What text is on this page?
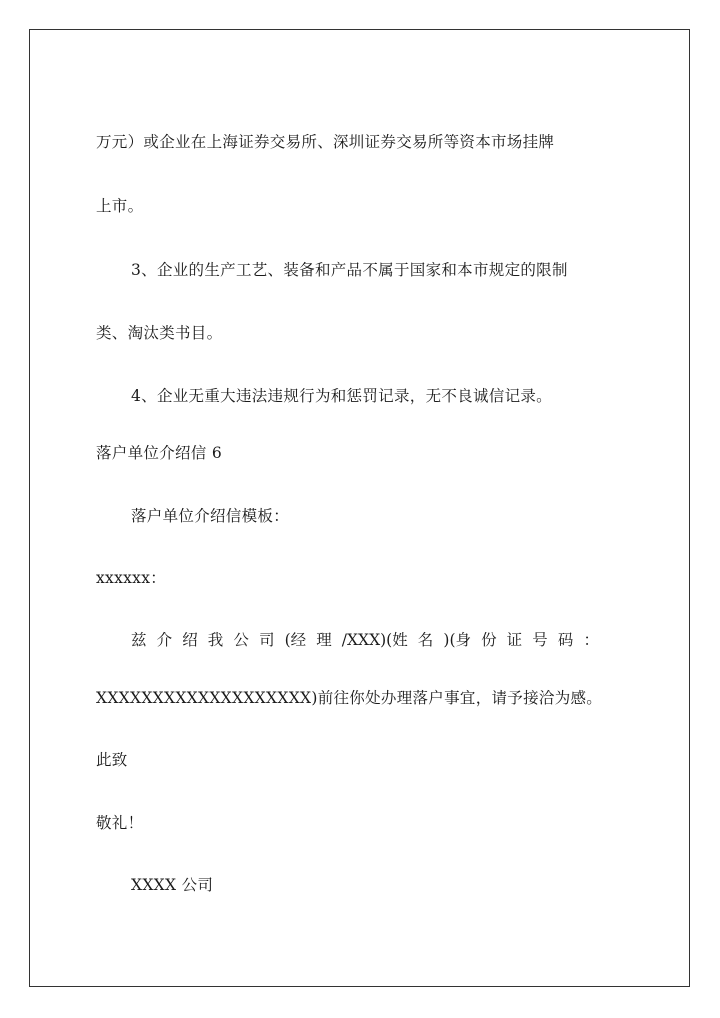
万元）或企业在上海证券交易所、深圳证券交易所等资本市场挂牌
上市。
3、企业的生产工艺、装备和产品不属于国家和本市规定的限制
类、淘汰类书目。
4、企业无重大违法违规行为和惩罚记录，无不良诚信记录。
落户单位介绍信 6
落户单位介绍信模板：
xxxxxx：
兹 介 绍 我 公 司 (经 理 /XXX)(姓 名 )(身 份 证 号 码 ：
XXXXXXXXXXXXXXXXXXX)前往你处办理落户事宜，请予接洽为感。
此致
敬礼！
XXXX 公司
